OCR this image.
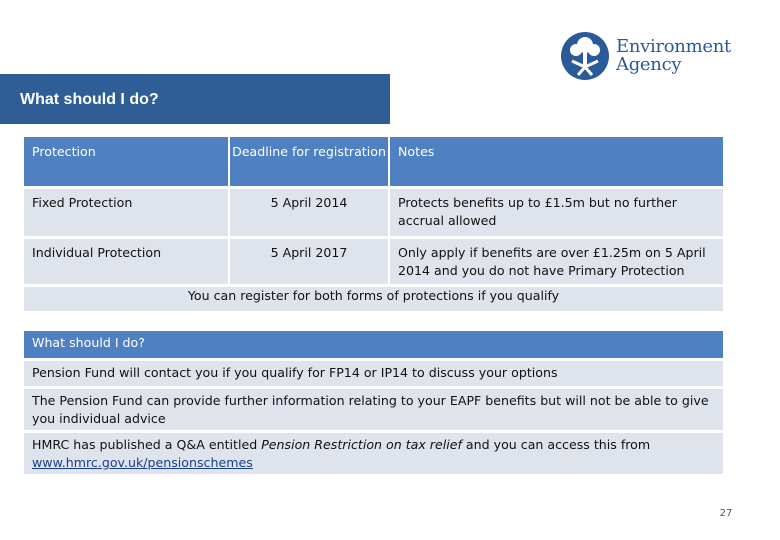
Environment
Agency
What should I do?
Protection	Deadline for registration	Notes
Fixed Protection	5 April 2014	Protects benefits up to £1.5m but no further accrual allowed
Individual Protection	5 April 2017	Only apply if benefits are over £1.25m on 5 April 2014 and you do not have Primary Protection
You can register for both forms of protections if you qualify		
What should I do?
Pension Fund will contact you if you qualify for FP14 or IP14 to discuss your options
The Pension Fund can provide further information relating to your EAPF benefits but will not be able to give you individual advice
HMRC has published a Q&A entitled Pension Restriction on tax relief and you can access this from
www.hmrc.gov.uk/pensionschemes
27
